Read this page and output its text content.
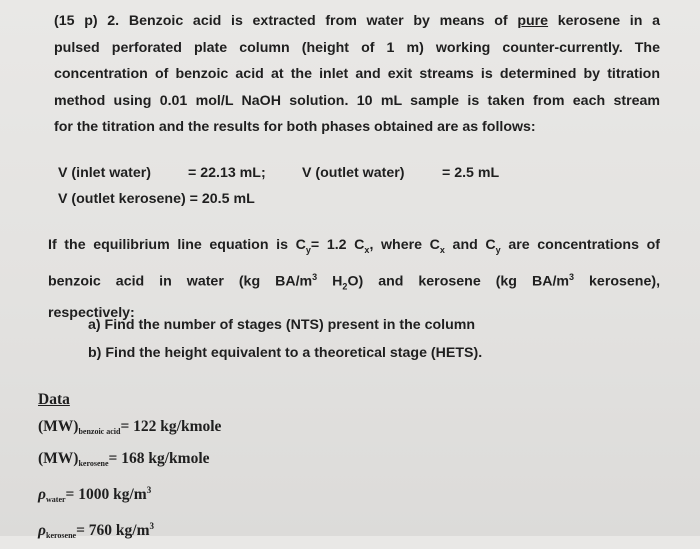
(15 p) 2. Benzoic acid is extracted from water by means of pure kerosene in a
pulsed perforated plate column (height of 1 m) working counter-currently. The
concentration of benzoic acid at the inlet and exit streams is determined by titration
method using 0.01 mol/L NaOH solution. 10 mL sample is taken from each stream
for the titration and the results for both phases obtained are as follows:
V (inlet water)	= 22.13 mL;	V (outlet water)	= 2.5 mL
V (outlet kerosene) = 20.5 mL
If the equilibrium line equation is $C_y= 1.2$ $C_x$, where $C_x$ and $C_y$ are concentrations of
benzoic acid in water (kg $BA/m^3$ $H_2O$) and kerosene (kg $BA/m^3$ kerosene),
respectively:
a) Find the number of stages (NTS) present in the column
b) Find the height equivalent to a theoretical stage (HETS).
Data
$(MW)_{benzoic acid}= 122$ kg/kmole
$(MW)_{kerosene}= 168$ kg/kmole
$\rho_{water}= 1000$ $kg/m^3$
$\rho_{kerosene}= 760$ $kg/m^3$
